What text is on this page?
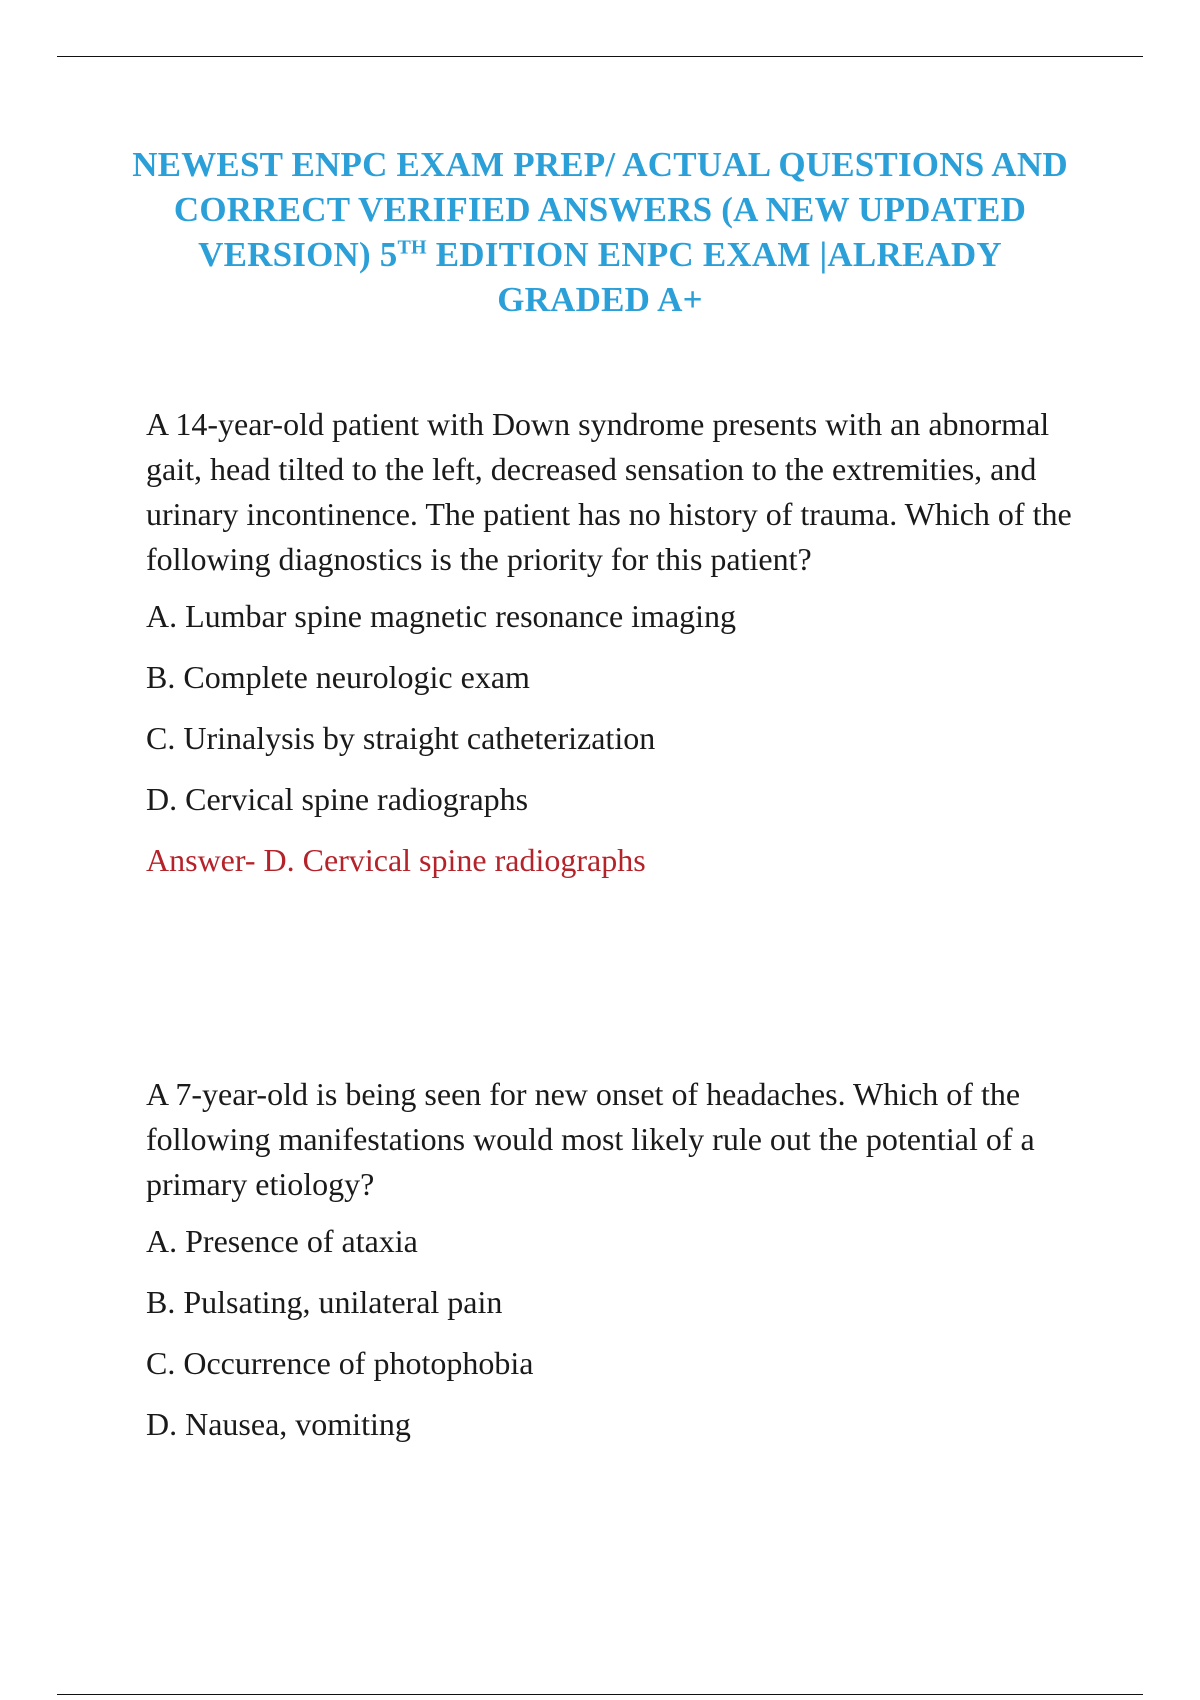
NEWEST ENPC EXAM PREP/ ACTUAL QUESTIONS AND CORRECT VERIFIED ANSWERS (A NEW UPDATED VERSION) 5TH EDITION ENPC EXAM |ALREADY GRADED A+

A 14-year-old patient with Down syndrome presents with an abnormal gait, head tilted to the left, decreased sensation to the extremities, and urinary incontinence. The patient has no history of trauma. Which of the following diagnostics is the priority for this patient?

A. Lumbar spine magnetic resonance imaging

B. Complete neurologic exam

C. Urinalysis by straight catheterization

D. Cervical spine radiographs

Answer- D. Cervical spine radiographs

A 7-year-old is being seen for new onset of headaches. Which of the following manifestations would most likely rule out the potential of a primary etiology?

A. Presence of ataxia

B. Pulsating, unilateral pain

C. Occurrence of photophobia

D. Nausea, vomiting
